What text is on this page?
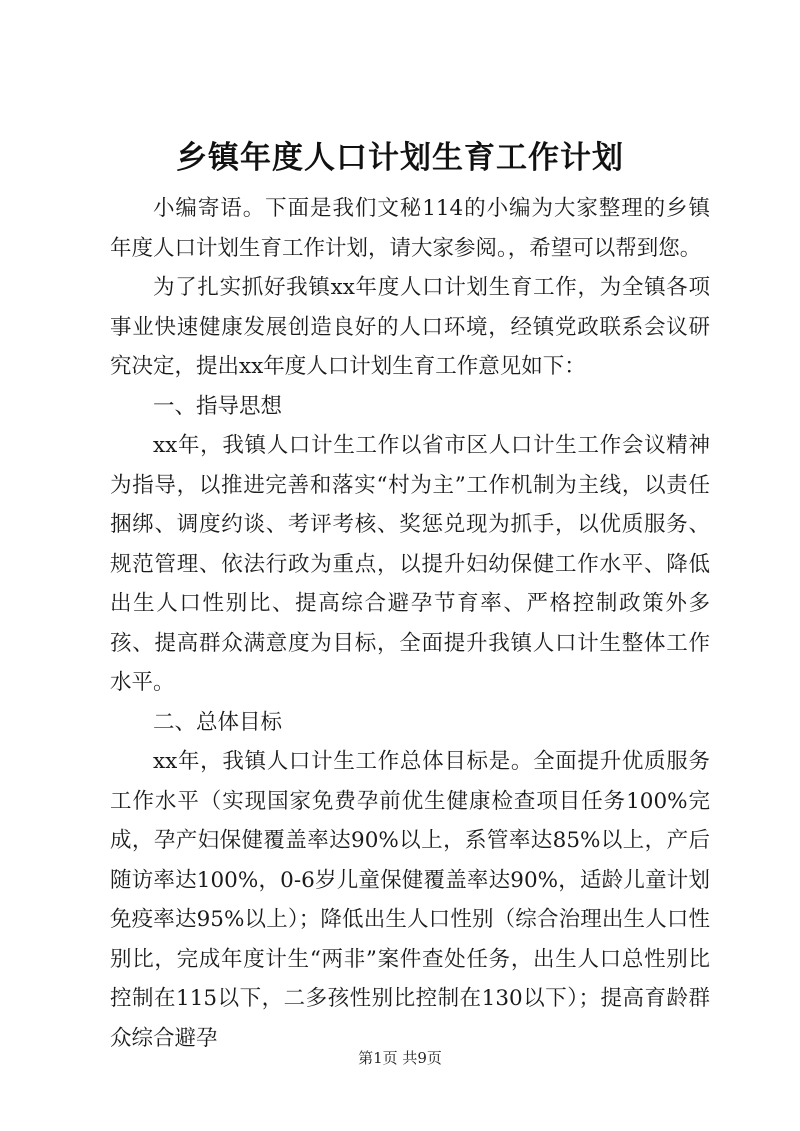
乡镇年度人口计划生育工作计划

小编寄语。下面是我们文秘114的小编为大家整理的乡镇年度人口计划生育工作计划，请大家参阅。，希望可以帮到您。

为了扎实抓好我镇xx年度人口计划生育工作，为全镇各项事业快速健康发展创造良好的人口环境，经镇党政联系会议研究决定，提出xx年度人口计划生育工作意见如下：

一、指导思想

xx年，我镇人口计生工作以省市区人口计生工作会议精神为指导，以推进完善和落实“村为主”工作机制为主线，以责任捆绑、调度约谈、考评考核、奖惩兑现为抓手，以优质服务、规范管理、依法行政为重点，以提升妇幼保健工作水平、降低出生人口性别比、提高综合避孕节育率、严格控制政策外多孩、提高群众满意度为目标，全面提升我镇人口计生整体工作水平。

二、总体目标

xx年，我镇人口计生工作总体目标是。全面提升优质服务工作水平（实现国家免费孕前优生健康检查项目任务100%完成，孕产妇保健覆盖率达90%以上，系管率达85%以上，产后随访率达100%，0-6岁儿童保健覆盖率达90%，适龄儿童计划免疫率达95%以上）；降低出生人口性别（综合治理出生人口性别比，完成年度计生“两非”案件查处任务，出生人口总性别比控制在115以下，二多孩性别比控制在130以下）；提高育龄群众综合避孕

第1页 共9页
